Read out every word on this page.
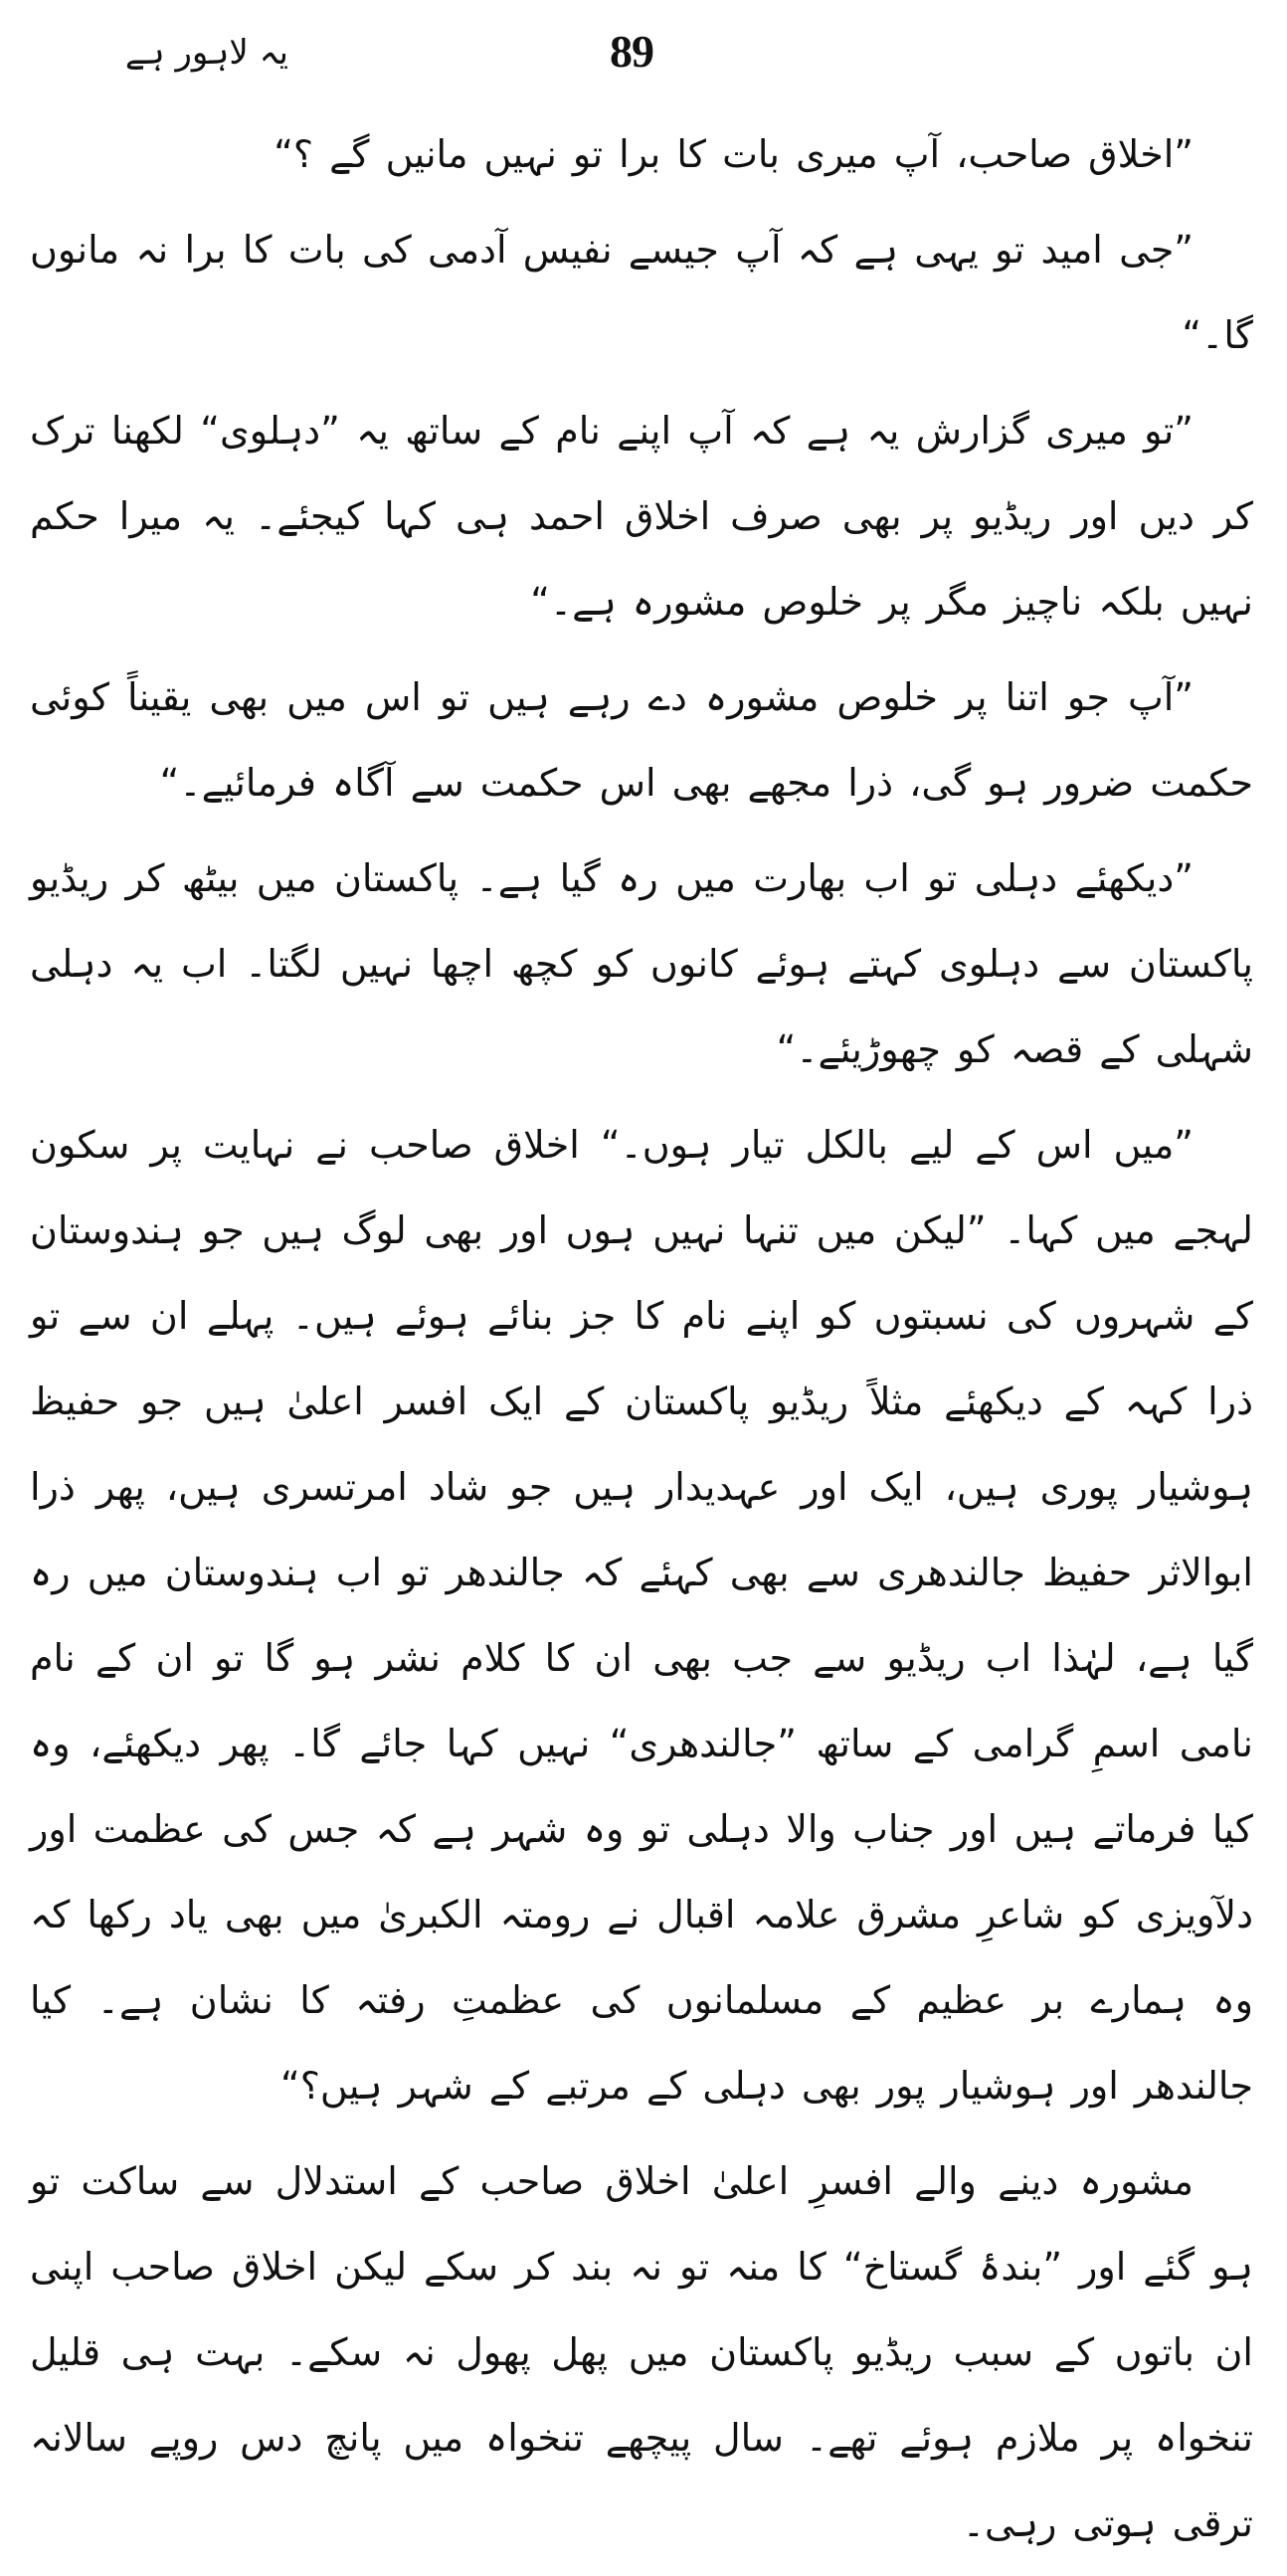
89
یہ لاہور ہے

”اخلاق صاحب، آپ میری بات کا برا تو نہیں مانیں گے ؟“

”جی امید تو یہی ہے کہ آپ جیسے نفیس آدمی کی بات کا برا نہ مانوں گا۔“

”تو میری گزارش یہ ہے کہ آپ اپنے نام کے ساتھ یہ ”دہلوی“ لکھنا ترک کر دیں اور ریڈیو پر بھی صرف اخلاق احمد ہی کہا کیجئے۔ یہ میرا حکم نہیں بلکہ ناچیز مگر پر خلوص مشورہ ہے۔“

”آپ جو اتنا پر خلوص مشورہ دے رہے ہیں تو اس میں بھی یقیناً کوئی حکمت ضرور ہو گی، ذرا مجھے بھی اس حکمت سے آگاہ فرمائیے۔“

”دیکھئے دہلی تو اب بھارت میں رہ گیا ہے۔ پاکستان میں بیٹھ کر ریڈیو پاکستان سے دہلوی کہتے ہوئے کانوں کو کچھ اچھا نہیں لگتا۔ اب یہ دہلی شہلی کے قصہ کو چھوڑیئے۔“

”میں اس کے لیے بالکل تیار ہوں۔“ اخلاق صاحب نے نہایت پر سکون لہجے میں کہا۔ ”لیکن میں تنہا نہیں ہوں اور بھی لوگ ہیں جو ہندوستان کے شہروں کی نسبتوں کو اپنے نام کا جز بنائے ہوئے ہیں۔ پہلے ان سے تو ذرا کہہ کے دیکھئے مثلاً ریڈیو پاکستان کے ایک افسر اعلیٰ ہیں جو حفیظ ہوشیار پوری ہیں، ایک اور عہدیدار ہیں جو شاد امرتسری ہیں، پھر ذرا ابوالاثر حفیظ جالندھری سے بھی کہئے کہ جالندھر تو اب ہندوستان میں رہ گیا ہے، لہٰذا اب ریڈیو سے جب بھی ان کا کلام نشر ہو گا تو ان کے نام نامی اسمِ گرامی کے ساتھ ”جالندھری“ نہیں کہا جائے گا۔ پھر دیکھئے، وہ کیا فرماتے ہیں اور جناب والا دہلی تو وہ شہر ہے کہ جس کی عظمت اور دلآویزی کو شاعرِ مشرق علامہ اقبال نے رومتہ الکبریٰ میں بھی یاد رکھا کہ وہ ہمارے بر عظیم کے مسلمانوں کی عظمتِ رفتہ کا نشان ہے۔ کیا جالندھر اور ہوشیار پور بھی دہلی کے مرتبے کے شہر ہیں؟“

مشورہ دینے والے افسرِ اعلیٰ اخلاق صاحب کے استدلال سے ساکت تو ہو گئے اور ”بندۂ گستاخ“ کا منہ تو نہ بند کر سکے لیکن اخلاق صاحب اپنی ان باتوں کے سبب ریڈیو پاکستان میں پھل پھول نہ سکے۔ بہت ہی قلیل تنخواہ پر ملازم ہوئے تھے۔ سال پیچھے تنخواہ میں پانچ دس روپے سالانہ ترقی ہوتی رہی۔
